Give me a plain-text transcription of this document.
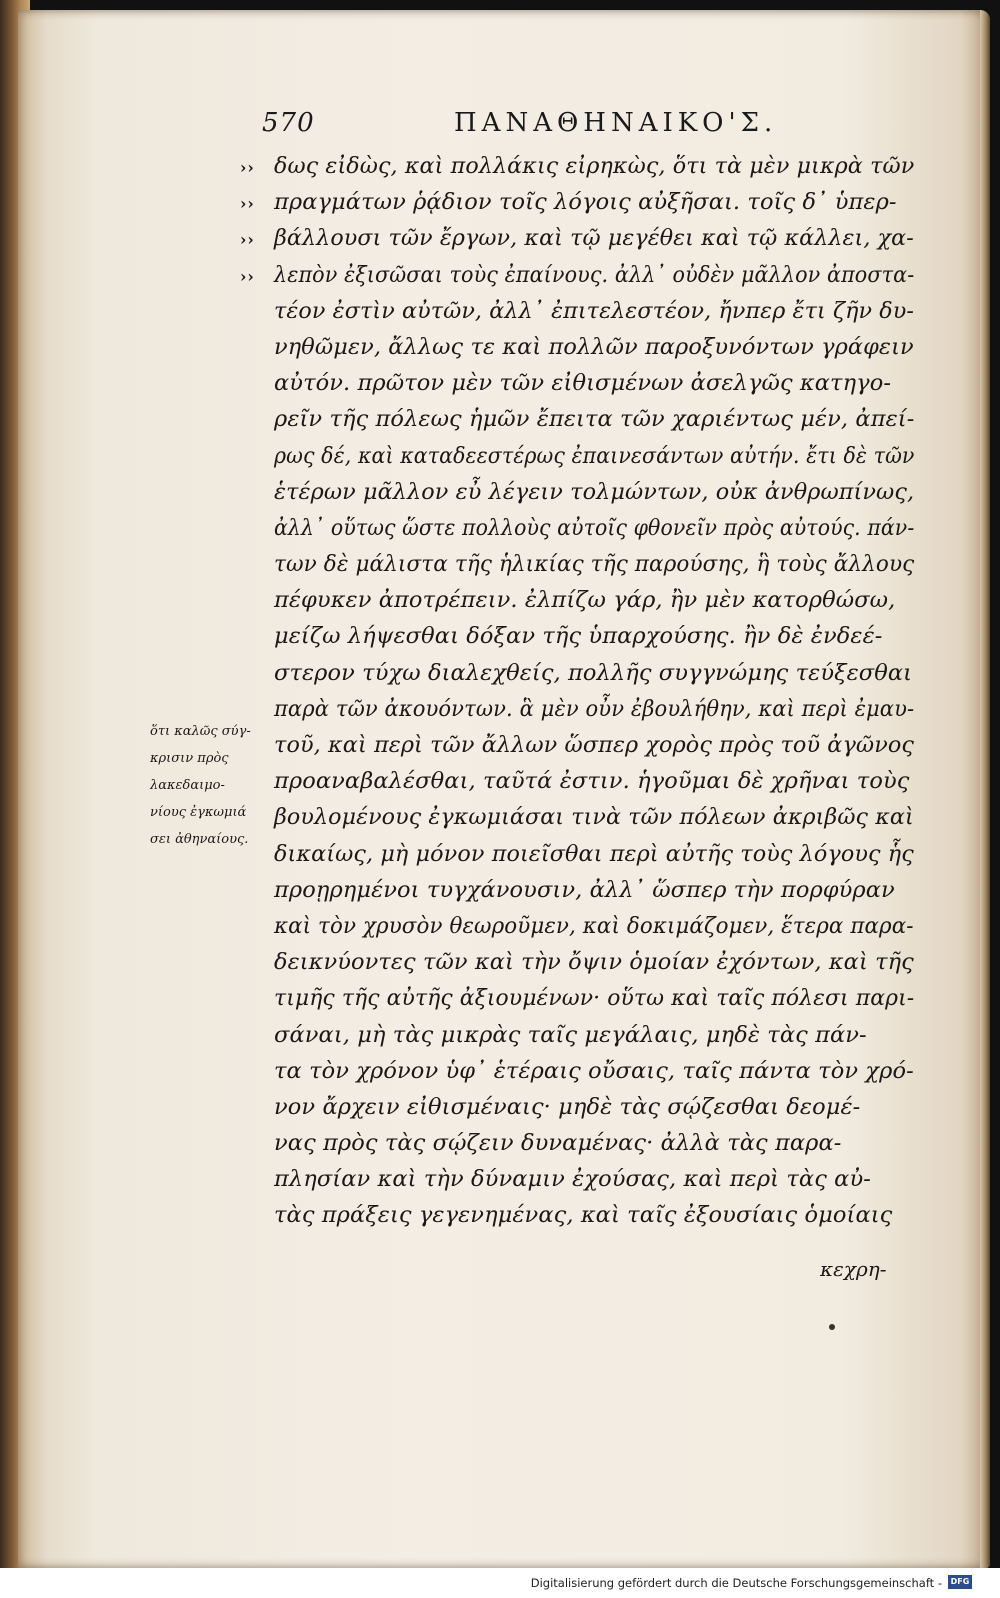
570	ΠΑΝΑΘΗΝΑΙΚΟ'Σ.
›› δως εἰδὼς, καὶ πολλάκις εἰρηκὼς, ὅτι τὰ μὲν μικρὰ τῶν
›› πραγμάτων ῥᾴδιον τοῖς λόγοις αὐξῆσαι. τοῖς δ᾽ ὑπερ-
›› βάλλουσι τῶν ἔργων, καὶ τῷ μεγέθει καὶ τῷ κάλλει, χα-
›› λεπὸν ἐξισῶσαι τοὺς ἐπαίνους. ἀλλ᾽ οὐδὲν μᾶλλον ἀποστα-
τέον ἐστὶν αὐτῶν, ἀλλ᾽ ἐπιτελεστέον, ἤνπερ ἔτι ζῆν δυ-
νηθῶμεν, ἄλλως τε καὶ πολλῶν παροξυνόντων γράφειν
αὐτόν. πρῶτον μὲν τῶν εἰθισμένων ἀσελγῶς κατηγο-
ρεῖν τῆς πόλεως ἡμῶν ἔπειτα τῶν χαριέντως μέν, ἀπεί-
ρως δέ, καὶ καταδεεστέρως ἐπαινεσάντων αὐτήν. ἔτι δὲ τῶν
ἑτέρων μᾶλλον εὖ λέγειν τολμώντων, οὐκ ἀνθρωπίνως,
ἀλλ᾽ οὕτως ὥστε πολλοὺς αὐτοῖς φθονεῖν πρὸς αὐτούς. πάν-
των δὲ μάλιστα τῆς ἡλικίας τῆς παρούσης, ἣ τοὺς ἄλλους
πέφυκεν ἀποτρέπειν. ἐλπίζω γάρ, ἢν μὲν κατορθώσω,
μείζω λήψεσθαι δόξαν τῆς ὑπαρχούσης. ἢν δὲ ἐνδεέ-
στερον τύχω διαλεχθείς, πολλῆς συγγνώμης τεύξεσθαι
παρὰ τῶν ἀκουόντων. ἃ μὲν οὖν ἐβουλήθην, καὶ περὶ ἐμαυ-
τοῦ, καὶ περὶ τῶν ἄλλων ὥσπερ χορὸς πρὸς τοῦ ἀγῶνος
προαναβαλέσθαι, ταῦτά ἐστιν. ἡγοῦμαι δὲ χρῆναι τοὺς
βουλομένους ἐγκωμιάσαι τινὰ τῶν πόλεων ἀκριβῶς καὶ
δικαίως, μὴ μόνον ποιεῖσθαι περὶ αὐτῆς τοὺς λόγους ἧς
προῃρημένοι τυγχάνουσιν, ἀλλ᾽ ὥσπερ τὴν πορφύραν
καὶ τὸν χρυσὸν θεωροῦμεν, καὶ δοκιμάζομεν, ἕτερα παρα-
δεικνύοντες τῶν καὶ τὴν ὄψιν ὁμοίαν ἐχόντων, καὶ τῆς
τιμῆς τῆς αὐτῆς ἀξιουμένων· οὕτω καὶ ταῖς πόλεσι παρι-
σάναι, μὴ τὰς μικρὰς ταῖς μεγάλαις, μηδὲ τὰς πάν-
τα τὸν χρόνον ὑφ᾽ ἑτέραις οὔσαις, ταῖς πάντα τὸν χρό-
νον ἄρχειν εἰθισμέναις· μηδὲ τὰς σῴζεσθαι δεομέ-
νας πρὸς τὰς σῴζειν δυναμένας· ἀλλὰ τὰς παρα-
πλησίαν καὶ τὴν δύναμιν ἐχούσας, καὶ περὶ τὰς αὐ-
τὰς πράξεις γεγενημένας, καὶ ταῖς ἐξουσίαις ὁμοίαις
ὅτι καλῶς σύγ-
κρισιν πρὸς
λακεδαιμο-
νίους ἐγκωμιά
σει ἀθηναίους.
κεχρη-
Digitalisierung gefördert durch die Deutsche Forschungsgemeinschaft -	DFG
